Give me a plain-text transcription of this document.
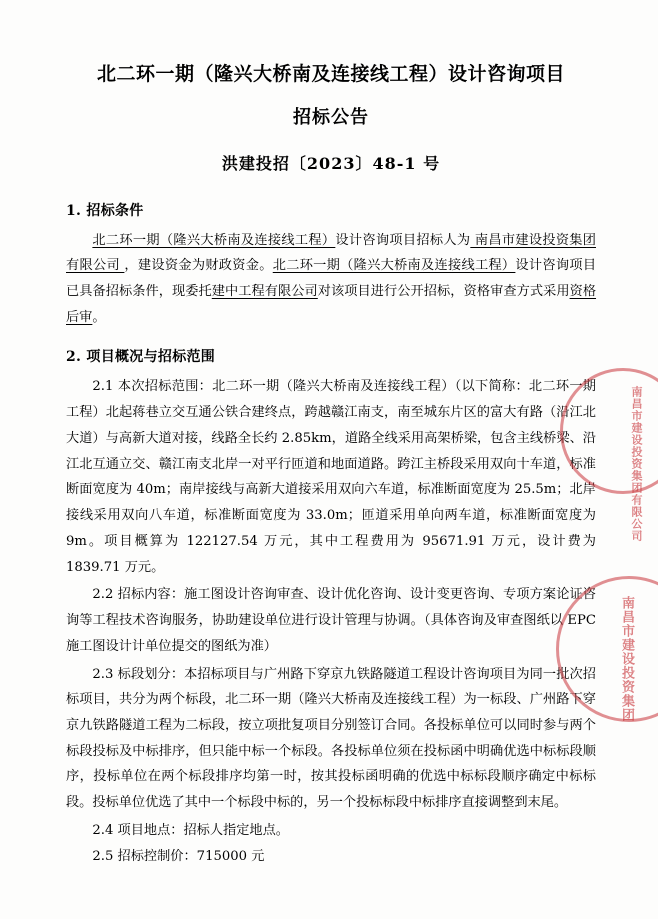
北二环一期（隆兴大桥南及连接线工程）设计咨询项目
招标公告
洪建投招〔2023〕48-1 号
1. 招标条件

北二环一期（隆兴大桥南及连接线工程）设计咨询项目招标人为 南昌市建设投资集团有限公司 ，建设资金为财政资金。北二环一期（隆兴大桥南及连接线工程）设计咨询项目已具备招标条件，现委托建中工程有限公司对该项目进行公开招标，资格审查方式采用资格后审。

2. 项目概况与招标范围

2.1 本次招标范围：北二环一期（隆兴大桥南及连接线工程）（以下简称：北二环一期工程）北起蒋巷立交互通公铁合建终点，跨越赣江南支，南至城东片区的富大有路（沿江北大道）与高新大道对接，线路全长约 2.85km，道路全线采用高架桥梁，包含主线桥梁、沿江北互通立交、赣江南支北岸一对平行匝道和地面道路。跨江主桥段采用双向十车道，标准断面宽度为 40m；南岸接线与高新大道接采用双向六车道，标准断面宽度为 25.5m；北岸接线采用双向八车道，标准断面宽度为 33.0m；匝道采用单向两车道，标准断面宽度为 9m。项目概算为 122127.54 万元，其中工程费用为 95671.91 万元，设计费为 1839.71 万元。

2.2 招标内容：施工图设计咨询审查、设计优化咨询、设计变更咨询、专项方案论证咨询等工程技术咨询服务，协助建设单位进行设计管理与协调。（具体咨询及审查图纸以 EPC 施工图设计计单位提交的图纸为准）

2.3 标段划分：本招标项目与广州路下穿京九铁路隧道工程设计咨询项目为同一批次招标项目，共分为两个标段，北二环一期（隆兴大桥南及连接线工程）为一标段、广州路下穿京九铁路隧道工程为二标段，按立项批复项目分别签订合同。各投标单位可以同时参与两个标段投标及中标排序，但只能中标一个标段。各投标单位须在投标函中明确优选中标标段顺序，投标单位在两个标段排序均第一时，按其投标函明确的优选中标标段顺序确定中标标段。投标单位优选了其中一个标段中标的，另一个投标标段中标排序直接调整到末尾。

2.4 项目地点：招标人指定地点。

2.5 招标控制价：715000 元

南昌市建设投资集团有限公司
南昌市建设投资集团
